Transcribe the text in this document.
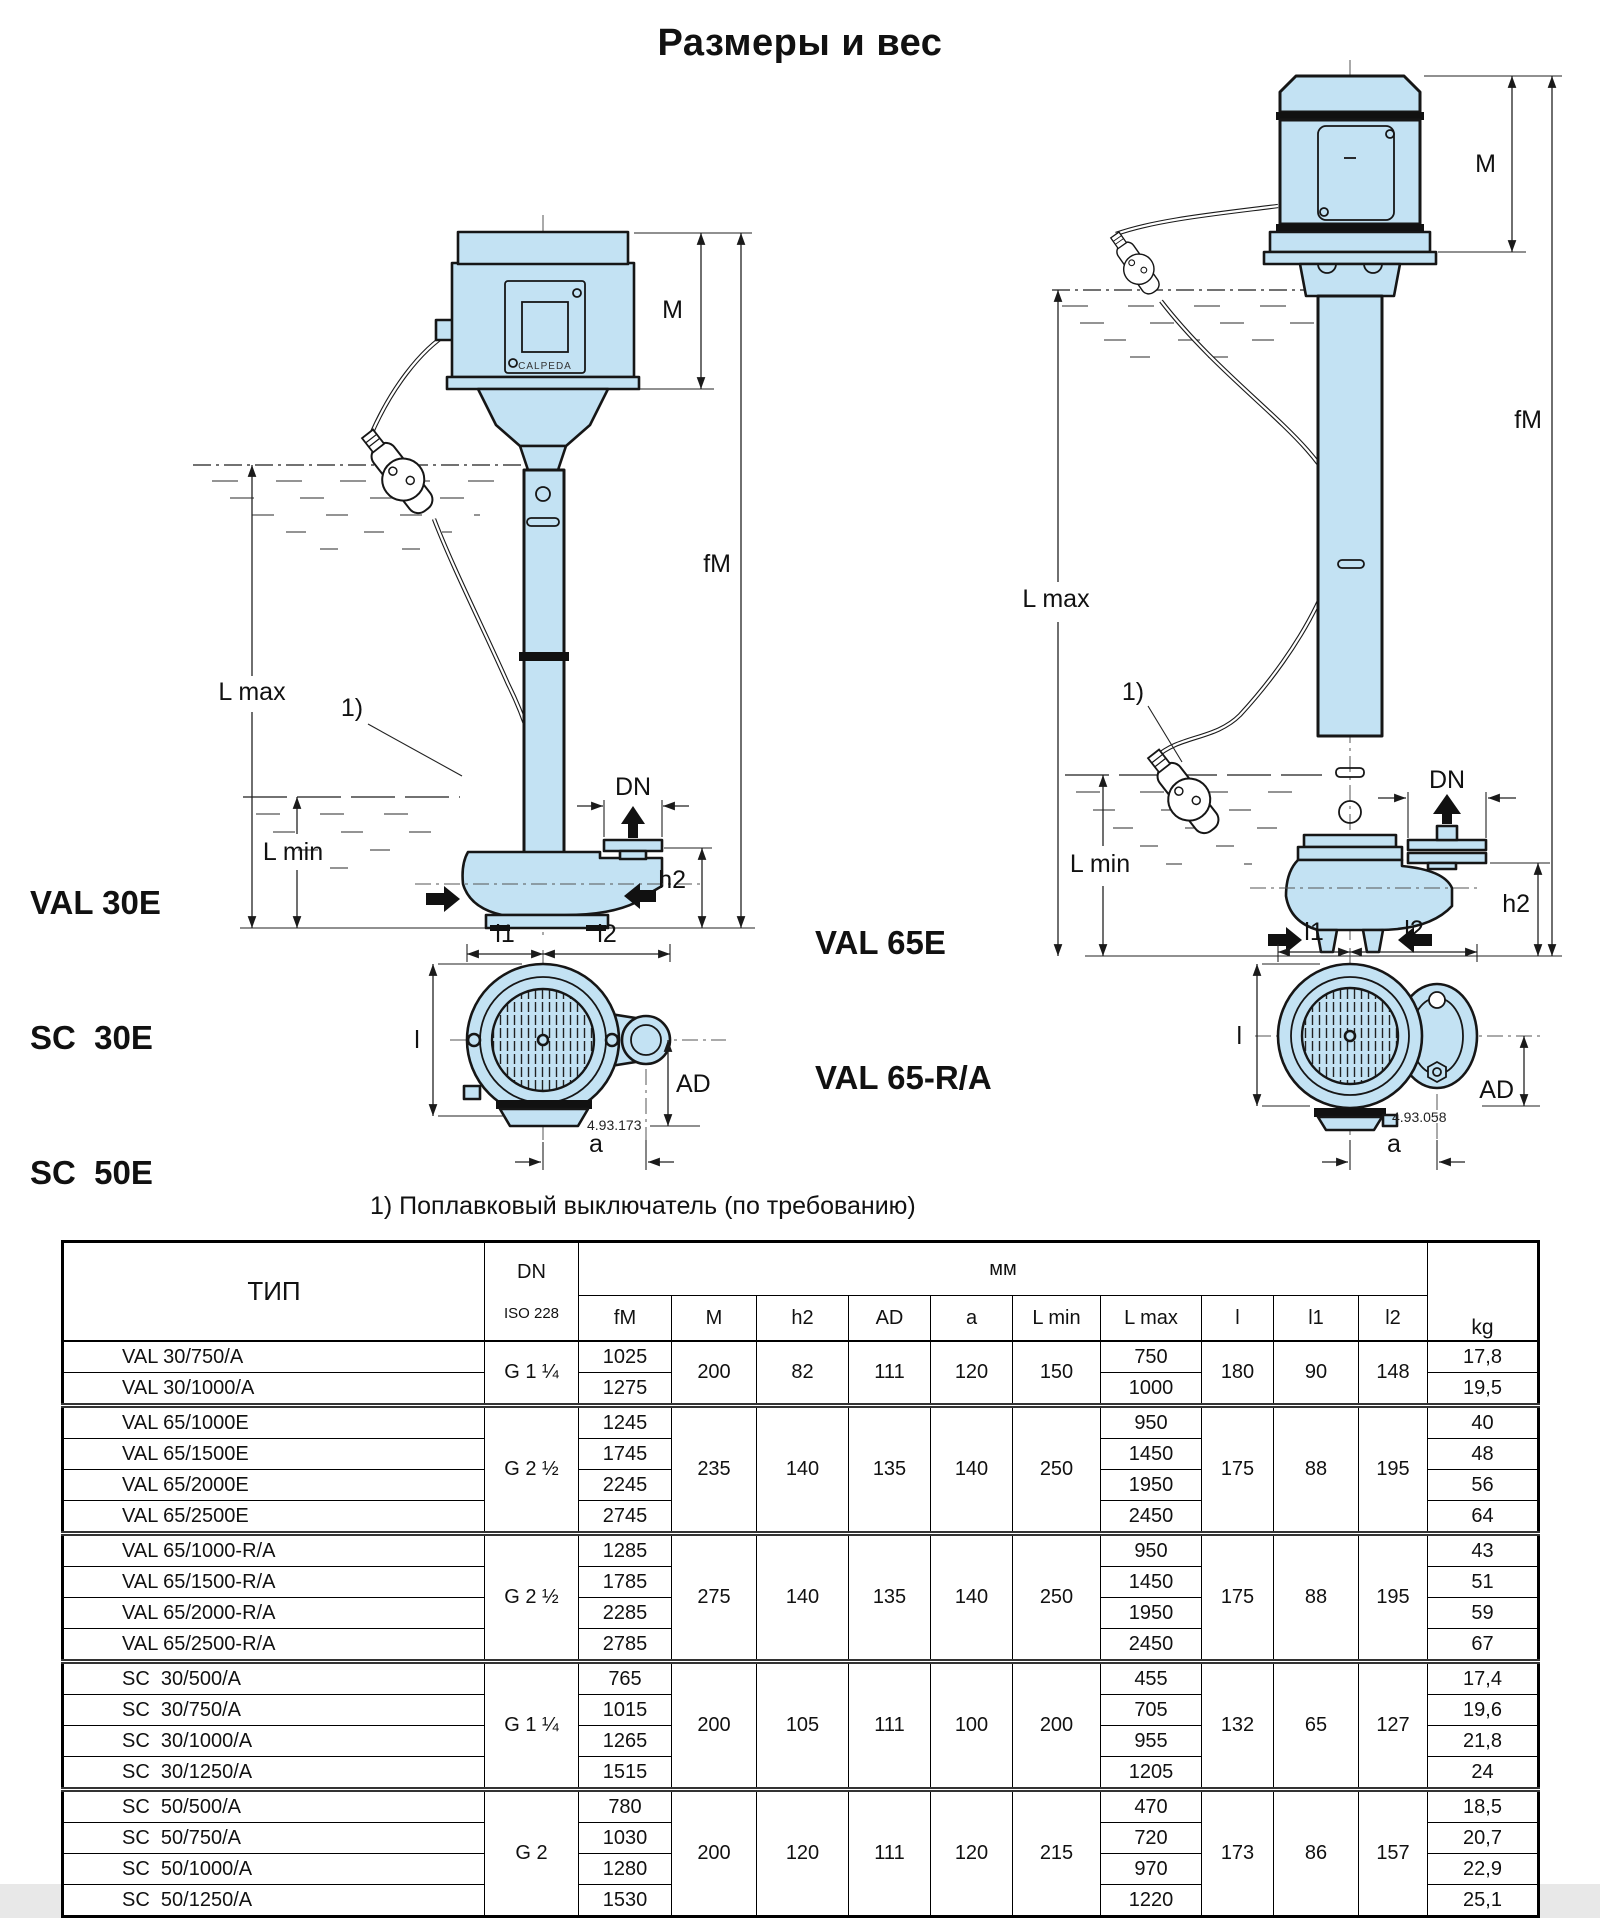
Размеры и вес
CALPEDA
M
fM
L max
L min
1)
DN
h2
l1	l2
l
AD
a
4.93.173
M
fM
L max
L min
1)
DN
h2
l1	l2
l
AD
a
4.93.058

VAL 30E

SC  30E

SC  50E

VAL 65E

VAL 65-R/A

1) Поплавковый выключатель (по требованию)
ТИП	DN
ISO 228	мм										kg
		fM	M	h2	AD	a	L min	L max	l	l1	l2	
VAL 30/750/A	G 1 ¼	1025	200	82	111	120	150	750	180	90	148	17,8
VAL 30/1000/A		1275						1000				19,5
VAL 65/1000E	G 2 ½	1245	235	140	135	140	250	950	175	88	195	40
VAL 65/1500E		1745						1450				48
VAL 65/2000E		2245						1950				56
VAL 65/2500E		2745						2450				64
VAL 65/1000-R/A	G 2 ½	1285	275	140	135	140	250	950	175	88	195	43
VAL 65/1500-R/A		1785						1450				51
VAL 65/2000-R/A		2285						1950				59
VAL 65/2500-R/A		2785						2450				67
SC  30/500/A	G 1 ¼	765	200	105	111	100	200	455	132	65	127	17,4
SC  30/750/A		1015						705				19,6
SC  30/1000/A		1265						955				21,8
SC  30/1250/A		1515						1205				24
SC  50/500/A	G 2	780	200	120	111	120	215	470	173	86	157	18,5
SC  50/750/A		1030						720				20,7
SC  50/1000/A		1280						970				22,9
SC  50/1250/A		1530						1220				25,1
